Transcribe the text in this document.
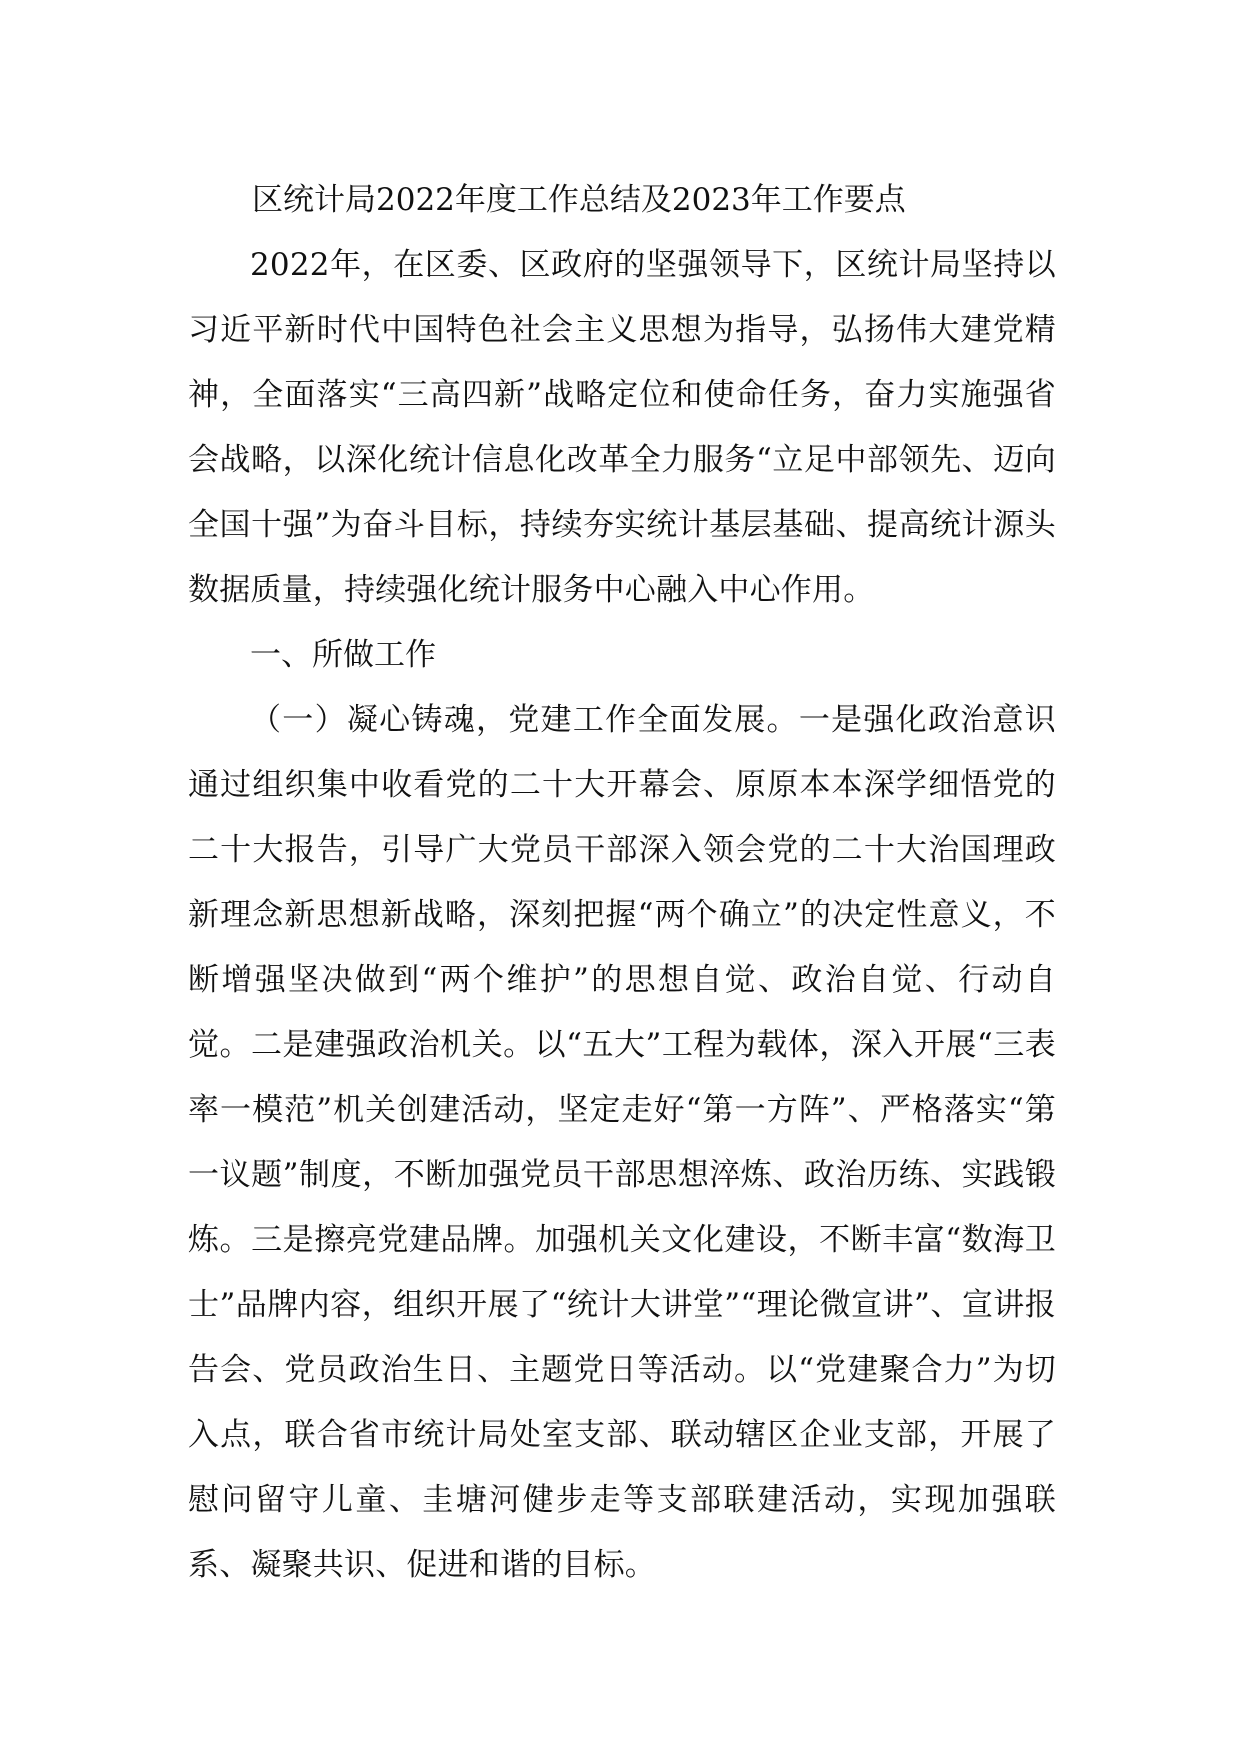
区统计局2022年度工作总结及2023年工作要点

2022年，在区委、区政府的坚强领导下，区统计局坚持以习近平新时代中国特色社会主义思想为指导，弘扬伟大建党精神，全面落实“三高四新”战略定位和使命任务，奋力实施强省会战略，以深化统计信息化改革全力服务“立足中部领先、迈向全国十强”为奋斗目标，持续夯实统计基层基础、提高统计源头数据质量，持续强化统计服务中心融入中心作用。

一、所做工作

（一）凝心铸魂，党建工作全面发展。一是强化政治意识通过组织集中收看党的二十大开幕会、原原本本深学细悟党的二十大报告，引导广大党员干部深入领会党的二十大治国理政新理念新思想新战略，深刻把握“两个确立”的决定性意义，不断增强坚决做到“两个维护”的思想自觉、政治自觉、行动自觉。二是建强政治机关。以“五大”工程为载体，深入开展“三表率一模范”机关创建活动，坚定走好“第一方阵”、严格落实“第一议题”制度，不断加强党员干部思想淬炼、政治历练、实践锻炼。三是擦亮党建品牌。加强机关文化建设，不断丰富“数海卫士”品牌内容，组织开展了“统计大讲堂”“理论微宣讲”、宣讲报告会、党员政治生日、主题党日等活动。以“党建聚合力”为切入点，联合省市统计局处室支部、联动辖区企业支部，开展了慰问留守儿童、圭塘河健步走等支部联建活动，实现加强联系、凝聚共识、促进和谐的目标。
